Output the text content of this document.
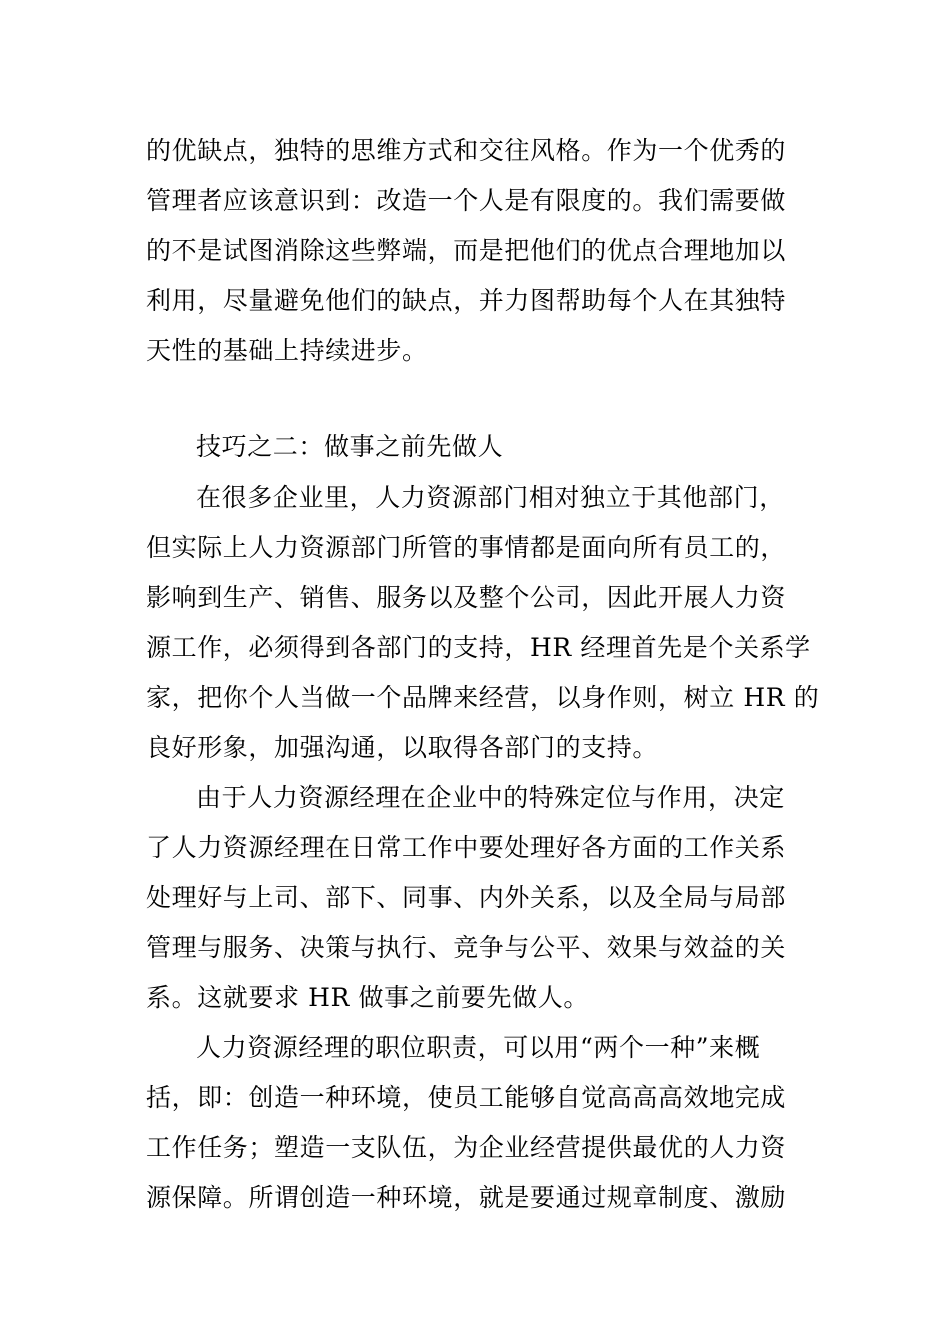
的优缺点，独特的思维方式和交往风格。作为一个优秀的
管理者应该意识到：改造一个人是有限度的。我们需要做
的不是试图消除这些弊端，而是把他们的优点合理地加以
利用，尽量避免他们的缺点，并力图帮助每个人在其独特
天性的基础上持续进步。
技巧之二：做事之前先做人
在很多企业里，人力资源部门相对独立于其他部门，
但实际上人力资源部门所管的事情都是面向所有员工的，
影响到生产、销售、服务以及整个公司，因此开展人力资
源工作，必须得到各部门的支持，HR 经理首先是个关系学
家，把你个人当做一个品牌来经营，以身作则，树立 HR 的
良好形象，加强沟通，以取得各部门的支持。
由于人力资源经理在企业中的特殊定位与作用，决定
了人力资源经理在日常工作中要处理好各方面的工作关系
处理好与上司、部下、同事、内外关系，以及全局与局部
管理与服务、决策与执行、竞争与公平、效果与效益的关
系。这就要求 HR 做事之前要先做人。
人力资源经理的职位职责，可以用“两个一种”来概
括，即：创造一种环境，使员工能够自觉高高高效地完成
工作任务；塑造一支队伍，为企业经营提供最优的人力资
源保障。所谓创造一种环境，就是要通过规章制度、激励
